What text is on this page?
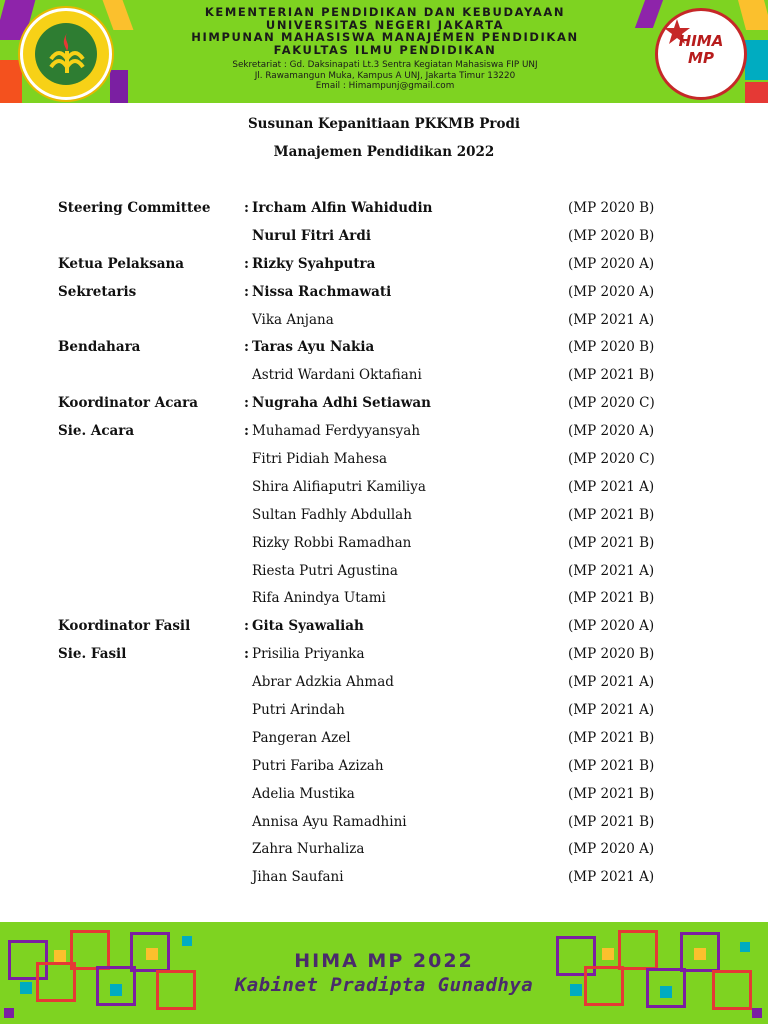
KEMENTERIAN PENDIDIKAN DAN KEBUDAYAAN
UNIVERSITAS NEGERI JAKARTA
HIMPUNAN MAHASISWA MANAJEMEN PENDIDIKAN
FAKULTAS ILMU PENDIDIKAN
Sekretariat : Gd. Daksinapati Lt.3 Sentra Kegiatan Mahasiswa FIP UNJ
Jl. Rawamangun Muka, Kampus A UNJ, Jakarta Timur 13220
Email : Himampunj@gmail.com
HIMA MP
Susunan Kepanitiaan PKKMB Prodi
Manajemen Pendidikan 2022
Steering Committee : Ircham Alfin Wahidudin	(MP 2020 B)
Nurul Fitri Ardi	(MP 2020 B)
Ketua Pelaksana	: Rizky Syahputra	(MP 2020 A)
Sekretaris	: Nissa Rachmawati	(MP 2020 A)
Vika Anjana	(MP 2021 A)
Bendahara	: Taras Ayu Nakia	(MP 2020 B)
Astrid Wardani Oktafiani	(MP 2021 B)
Koordinator Acara	: Nugraha Adhi Setiawan	(MP 2020 C)
Sie. Acara	: Muhamad Ferdyyansyah	(MP 2020 A)
Fitri Pidiah Mahesa	(MP 2020 C)
Shira Alifiaputri Kamiliya	(MP 2021 A)
Sultan Fadhly Abdullah	(MP 2021 B)
Rizky Robbi Ramadhan	(MP 2021 B)
Riesta Putri Agustina	(MP 2021 A)
Rifa Anindya Utami	(MP 2021 B)
Koordinator Fasil	: Gita Syawaliah	(MP 2020 A)
Sie. Fasil	: Prisilia Priyanka	(MP 2020 B)
Abrar Adzkia Ahmad	(MP 2021 A)
Putri Arindah	(MP 2021 A)
Pangeran Azel	(MP 2021 B)
Putri Fariba Azizah	(MP 2021 B)
Adelia Mustika	(MP 2021 B)
Annisa Ayu Ramadhini	(MP 2021 B)
Zahra Nurhaliza	(MP 2020 A)
Jihan Saufani	(MP 2021 A)
HIMA MP 2022
Kabinet Pradipta Gunadhya
